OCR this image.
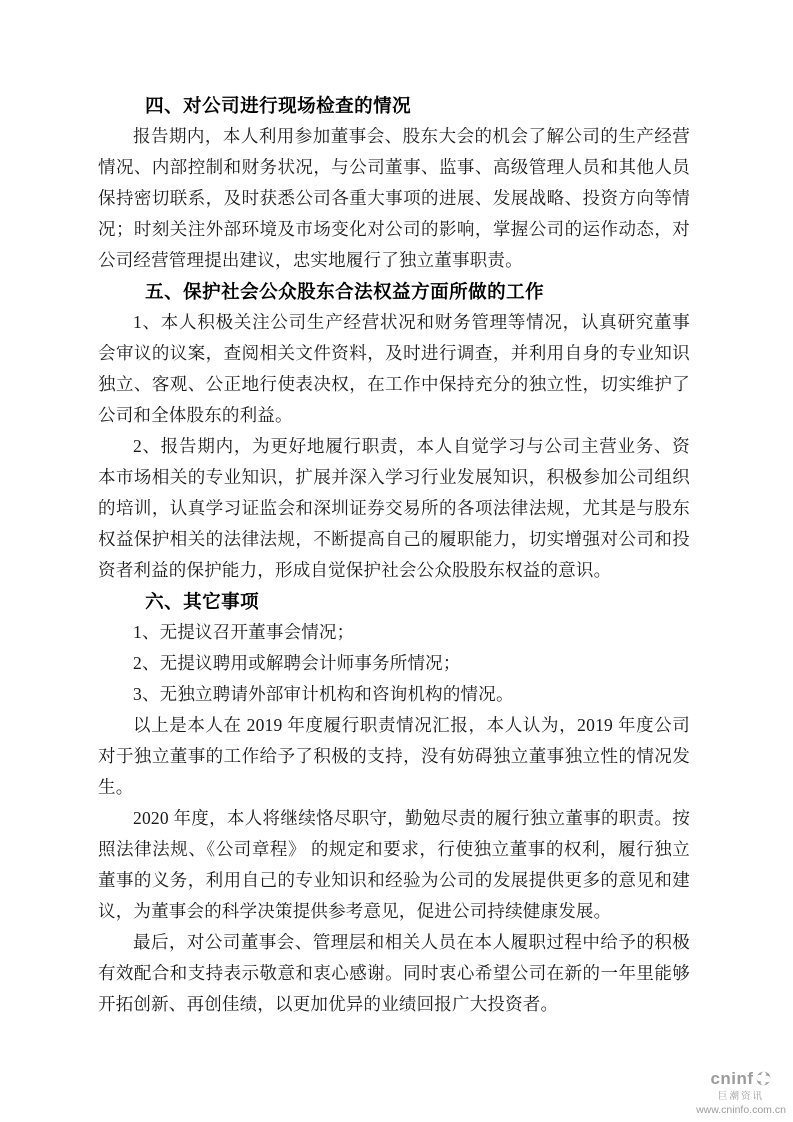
四、对公司进行现场检查的情况

报告期内，本人利用参加董事会、股东大会的机会了解公司的生产经营情况、内部控制和财务状况，与公司董事、监事、高级管理人员和其他人员保持密切联系，及时获悉公司各重大事项的进展、发展战略、投资方向等情况；时刻关注外部环境及市场变化对公司的影响，掌握公司的运作动态，对公司经营管理提出建议，忠实地履行了独立董事职责。

五、保护社会公众股东合法权益方面所做的工作

1、本人积极关注公司生产经营状况和财务管理等情况，认真研究董事会审议的议案，查阅相关文件资料，及时进行调查，并利用自身的专业知识独立、客观、公正地行使表决权，在工作中保持充分的独立性，切实维护了公司和全体股东的利益。

2、报告期内，为更好地履行职责，本人自觉学习与公司主营业务、资本市场相关的专业知识，扩展并深入学习行业发展知识，积极参加公司组织的培训，认真学习证监会和深圳证券交易所的各项法律法规，尤其是与股东权益保护相关的法律法规，不断提高自己的履职能力，切实增强对公司和投资者利益的保护能力，形成自觉保护社会公众股股东权益的意识。

六、其它事项

1、无提议召开董事会情况；

2、无提议聘用或解聘会计师事务所情况；

3、无独立聘请外部审计机构和咨询机构的情况。

以上是本人在 2019 年度履行职责情况汇报，本人认为，2019 年度公司对于独立董事的工作给予了积极的支持，没有妨碍独立董事独立性的情况发生。

2020 年度，本人将继续恪尽职守，勤勉尽责的履行独立董事的职责。按照法律法规、《公司章程》 的规定和要求，行使独立董事的权利，履行独立董事的义务，利用自己的专业知识和经验为公司的发展提供更多的意见和建议，为董事会的科学决策提供参考意见，促进公司持续健康发展。

最后，对公司董事会、管理层和相关人员在本人履职过程中给予的积极有效配合和支持表示敬意和衷心感谢。同时衷心希望公司在新的一年里能够开拓创新、再创佳绩，以更加优异的业绩回报广大投资者。

cninf
巨潮资讯
www.cninfo.com.cn
